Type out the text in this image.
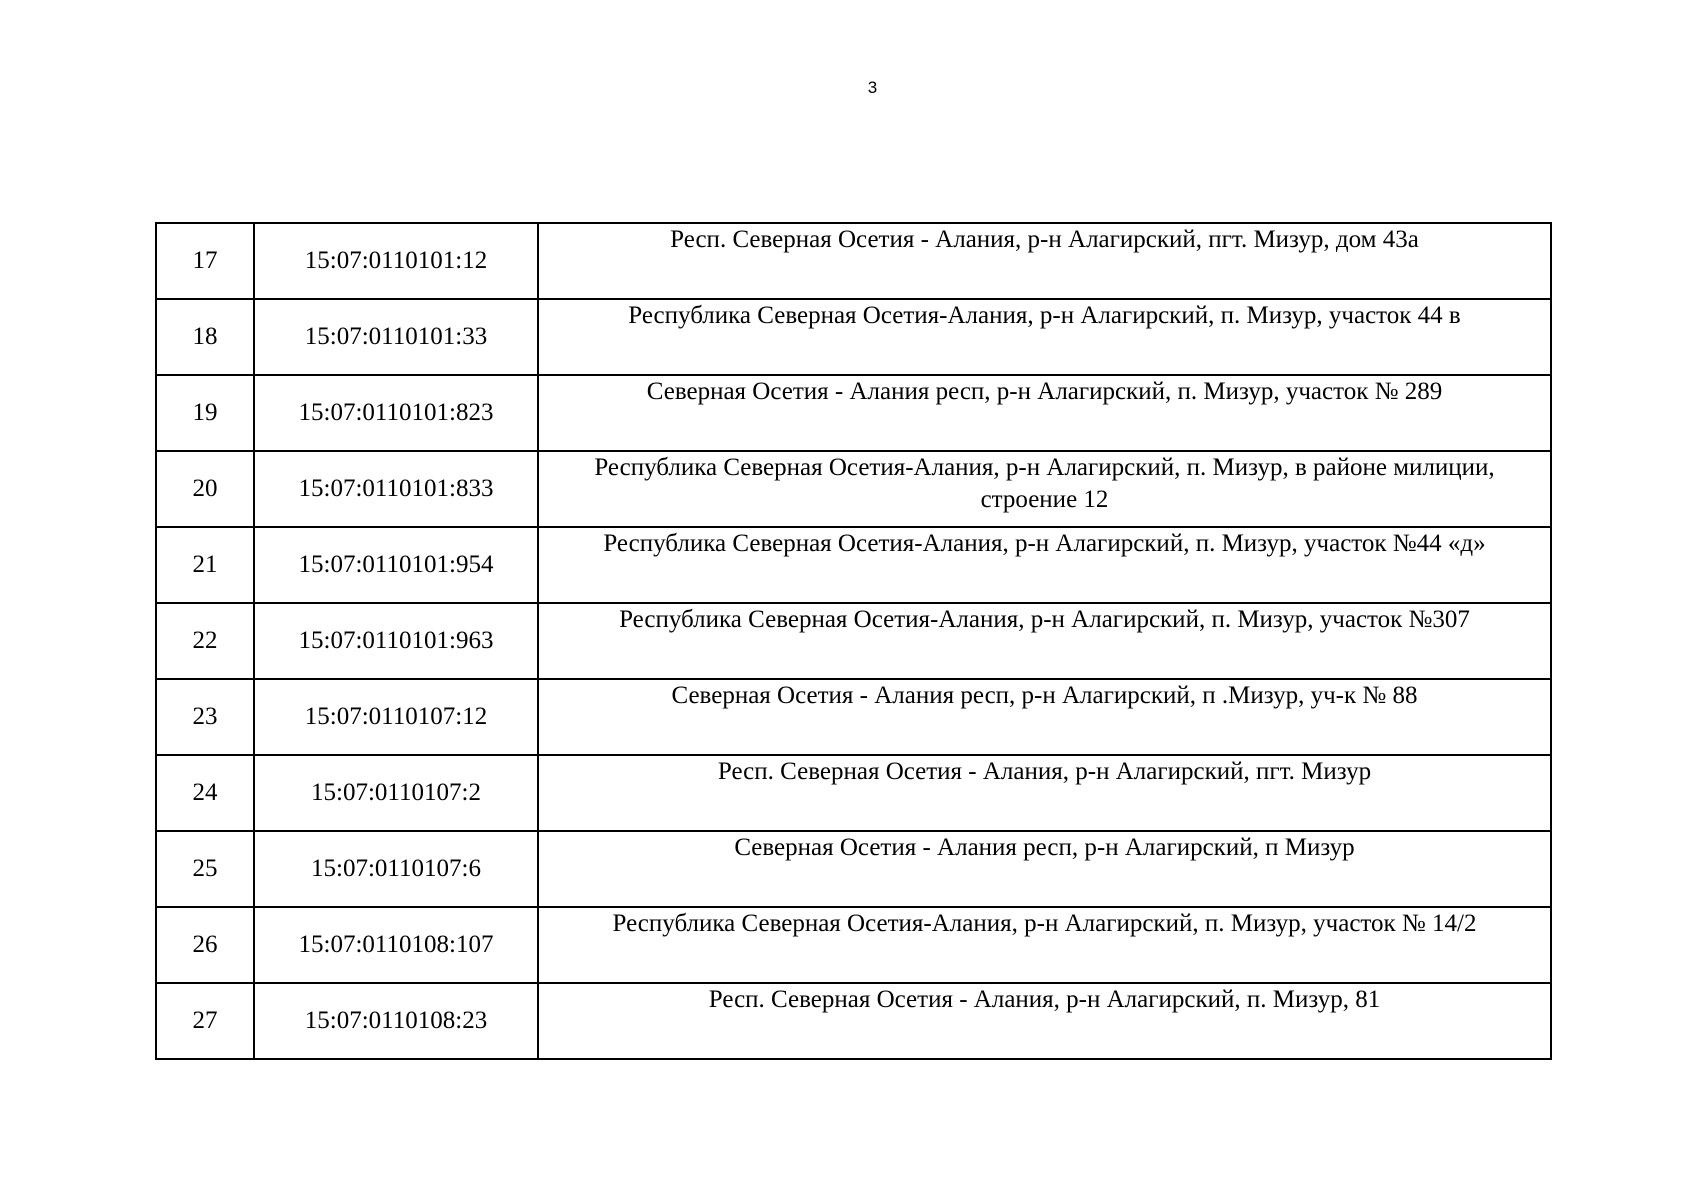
3
17	15:07:0110101:12	Респ. Северная Осетия - Алания, р-н Алагирский, пгт. Мизур, дом 43а
18	15:07:0110101:33	Республика Северная Осетия-Алания, р-н Алагирский, п. Мизур, участок 44 в
19	15:07:0110101:823	Северная Осетия - Алания респ, р-н Алагирский, п. Мизур, участок № 289
20	15:07:0110101:833	Республика Северная Осетия-Алания, р-н Алагирский, п. Мизур, в районе милиции, строение 12
21	15:07:0110101:954	Республика Северная Осетия-Алания, р-н Алагирский, п. Мизур, участок №44 «д»
22	15:07:0110101:963	Республика Северная Осетия-Алания, р-н Алагирский, п. Мизур, участок №307
23	15:07:0110107:12	Северная Осетия - Алания респ, р-н Алагирский, п .Мизур, уч-к № 88
24	15:07:0110107:2	Респ. Северная Осетия - Алания, р-н Алагирский, пгт. Мизур
25	15:07:0110107:6	Северная Осетия - Алания респ, р-н Алагирский, п Мизур
26	15:07:0110108:107	Республика Северная Осетия-Алания, р-н Алагирский, п. Мизур, участок № 14/2
27	15:07:0110108:23	Респ. Северная Осетия - Алания, р-н Алагирский, п. Мизур, 81
